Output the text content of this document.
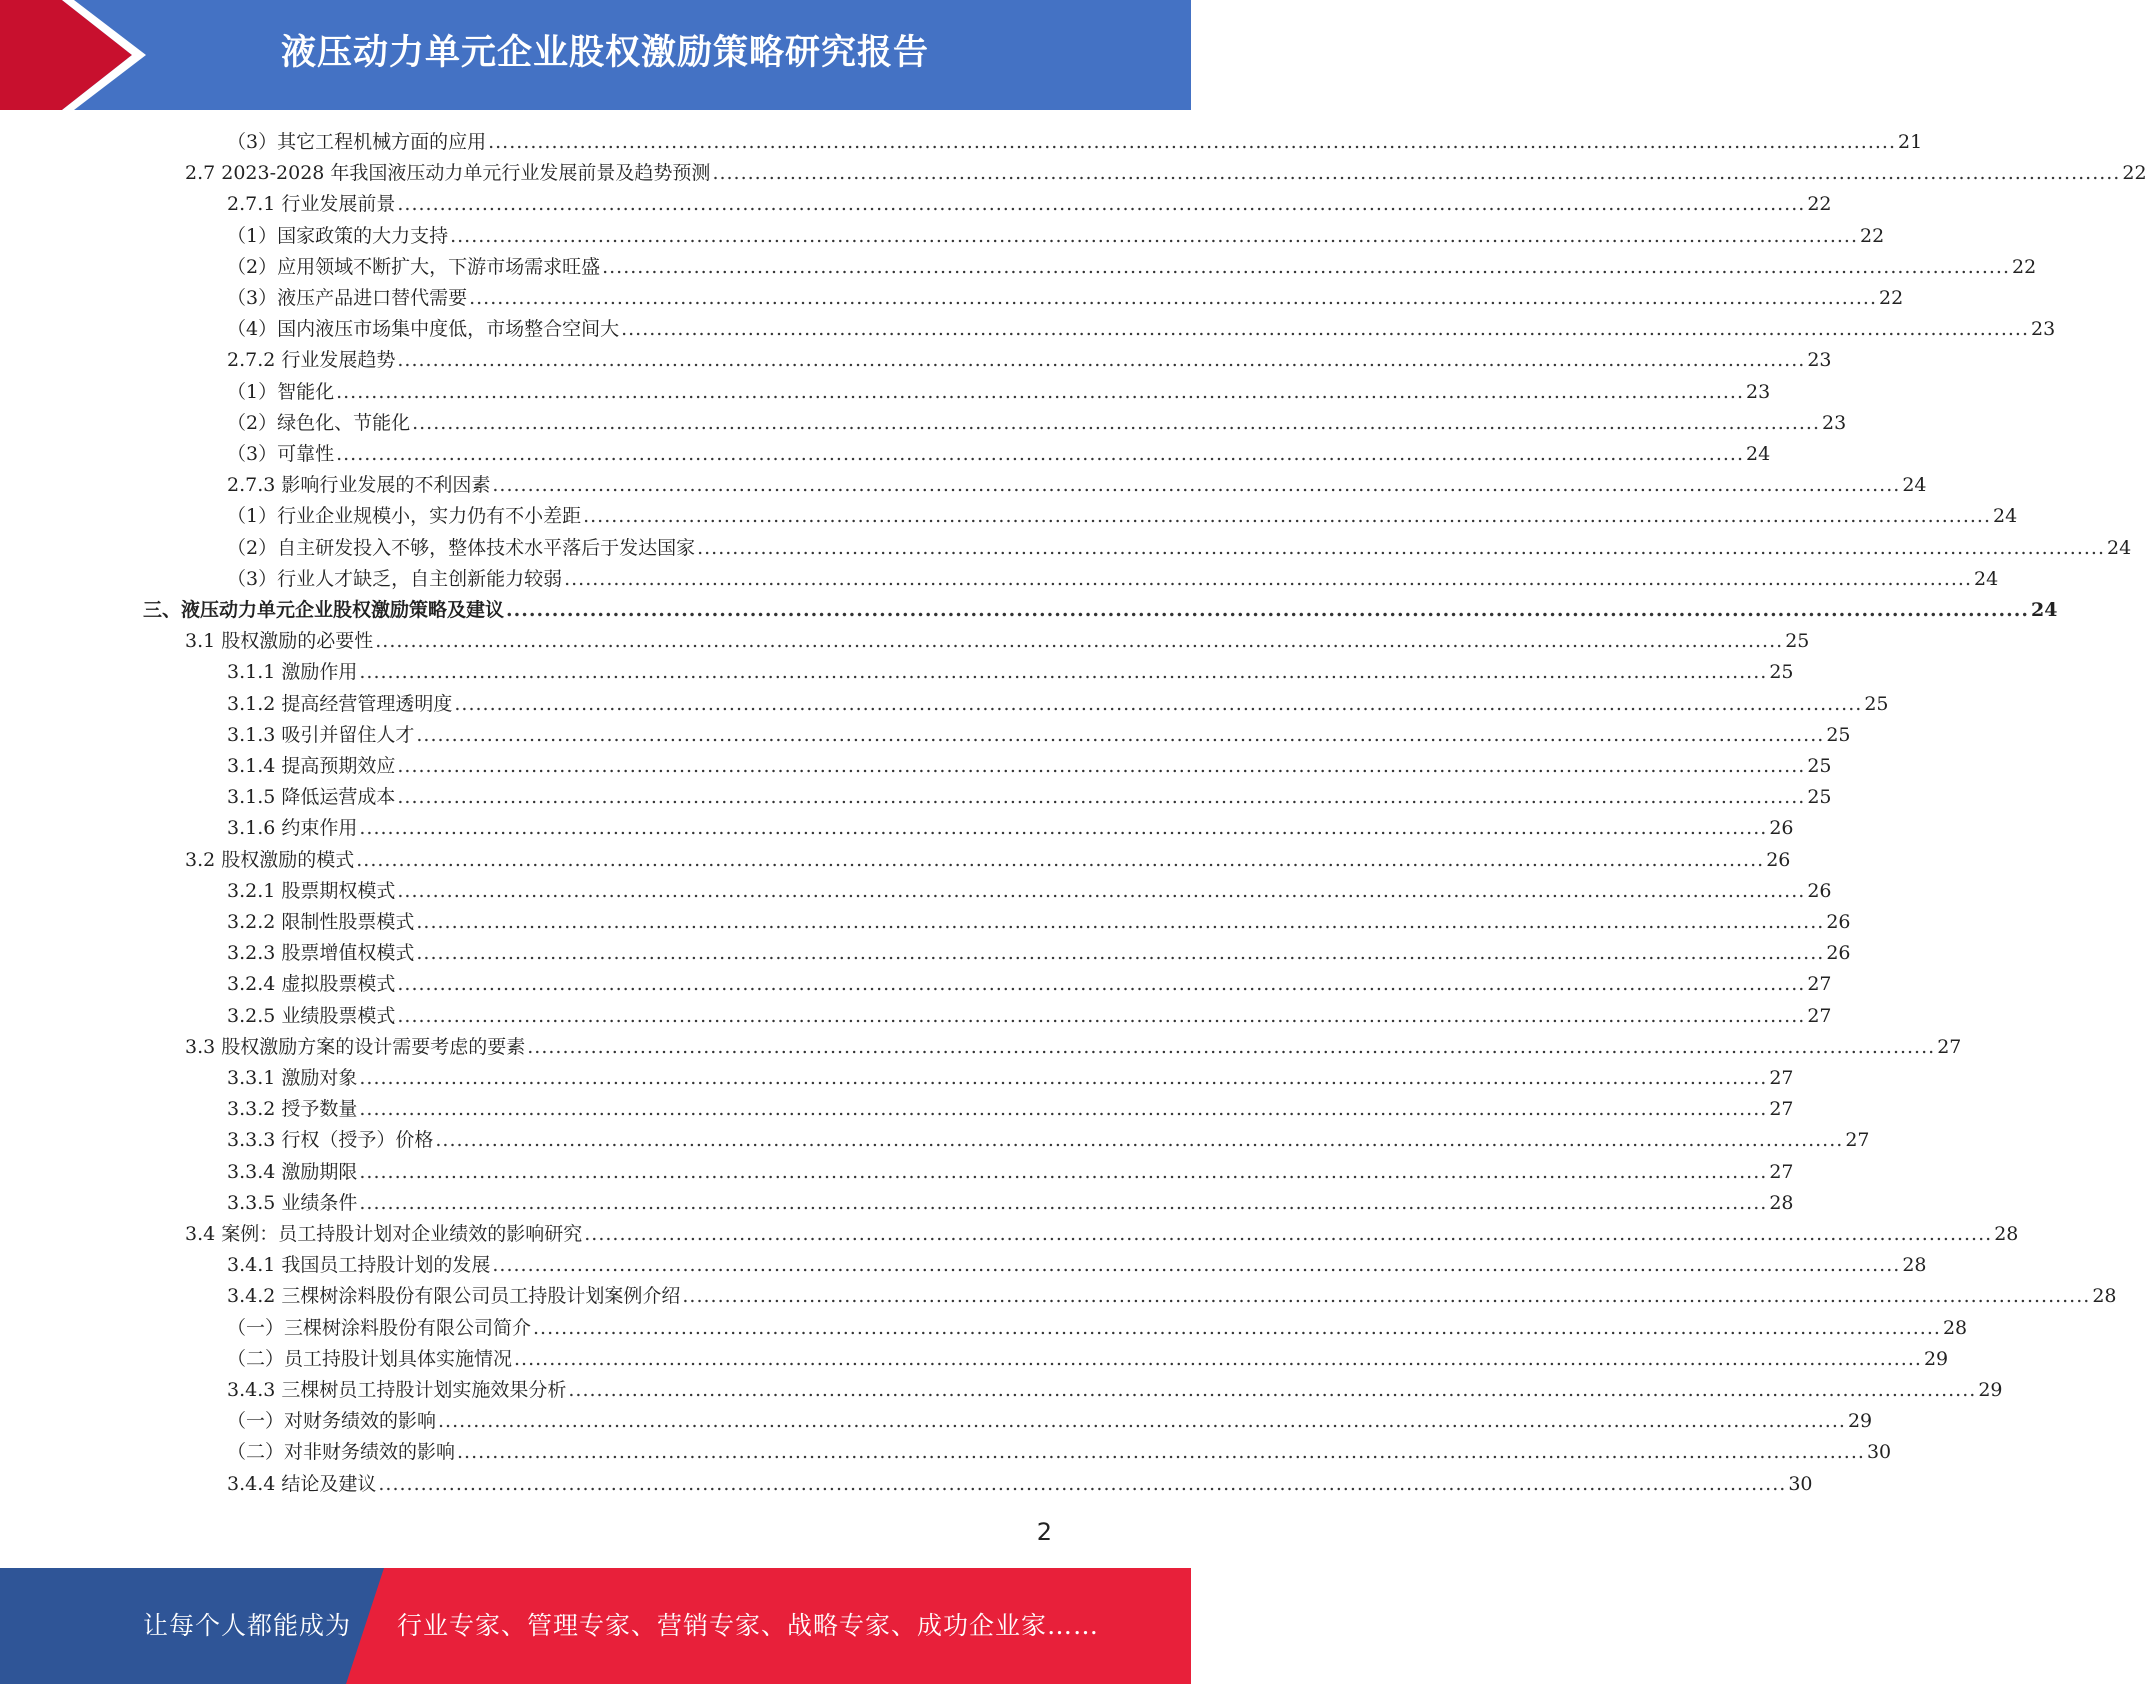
液压动力单元企业股权激励策略研究报告
（3）其它工程机械方面的应用 ........................................................................................................................................................................................................ 21
2.7 2023-2028 年我国液压动力单元行业发展前景及趋势预测 ........................................................................................................................................................................................................ 22
2.7.1 行业发展前景 ........................................................................................................................................................................................................ 22
（1）国家政策的大力支持 ........................................................................................................................................................................................................ 22
（2）应用领域不断扩大，下游市场需求旺盛 ........................................................................................................................................................................................................ 22
（3）液压产品进口替代需要 ........................................................................................................................................................................................................ 22
（4）国内液压市场集中度低，市场整合空间大 ........................................................................................................................................................................................................ 23
2.7.2 行业发展趋势 ........................................................................................................................................................................................................ 23
（1）智能化 ........................................................................................................................................................................................................ 23
（2）绿色化、节能化 ........................................................................................................................................................................................................ 23
（3）可靠性 ........................................................................................................................................................................................................ 24
2.7.3 影响行业发展的不利因素 ........................................................................................................................................................................................................ 24
（1）行业企业规模小，实力仍有不小差距 ........................................................................................................................................................................................................ 24
（2）自主研发投入不够，整体技术水平落后于发达国家 ........................................................................................................................................................................................................ 24
（3）行业人才缺乏，自主创新能力较弱 ........................................................................................................................................................................................................ 24
三、液压动力单元企业股权激励策略及建议 ........................................................................................................................................................................................................ 24
3.1 股权激励的必要性 ........................................................................................................................................................................................................ 25
3.1.1 激励作用 ........................................................................................................................................................................................................ 25
3.1.2 提高经营管理透明度 ........................................................................................................................................................................................................ 25
3.1.3 吸引并留住人才 ........................................................................................................................................................................................................ 25
3.1.4 提高预期效应 ........................................................................................................................................................................................................ 25
3.1.5 降低运营成本 ........................................................................................................................................................................................................ 25
3.1.6 约束作用 ........................................................................................................................................................................................................ 26
3.2 股权激励的模式 ........................................................................................................................................................................................................ 26
3.2.1 股票期权模式 ........................................................................................................................................................................................................ 26
3.2.2 限制性股票模式 ........................................................................................................................................................................................................ 26
3.2.3 股票增值权模式 ........................................................................................................................................................................................................ 26
3.2.4 虚拟股票模式 ........................................................................................................................................................................................................ 27
3.2.5 业绩股票模式 ........................................................................................................................................................................................................ 27
3.3 股权激励方案的设计需要考虑的要素 ........................................................................................................................................................................................................ 27
3.3.1 激励对象 ........................................................................................................................................................................................................ 27
3.3.2 授予数量 ........................................................................................................................................................................................................ 27
3.3.3 行权（授予）价格 ........................................................................................................................................................................................................ 27
3.3.4 激励期限 ........................................................................................................................................................................................................ 27
3.3.5 业绩条件 ........................................................................................................................................................................................................ 28
3.4 案例：员工持股计划对企业绩效的影响研究 ........................................................................................................................................................................................................ 28
3.4.1 我国员工持股计划的发展 ........................................................................................................................................................................................................ 28
3.4.2 三棵树涂料股份有限公司员工持股计划案例介绍 ........................................................................................................................................................................................................ 28
（一）三棵树涂料股份有限公司简介 ........................................................................................................................................................................................................ 28
（二）员工持股计划具体实施情况 ........................................................................................................................................................................................................ 29
3.4.3 三棵树员工持股计划实施效果分析 ........................................................................................................................................................................................................ 29
（一）对财务绩效的影响 ........................................................................................................................................................................................................ 29
（二）对非财务绩效的影响 ........................................................................................................................................................................................................ 30
3.4.4 结论及建议 ........................................................................................................................................................................................................ 30
2
让每个人都能成为 行业专家、管理专家、营销专家、战略专家、成功企业家……
